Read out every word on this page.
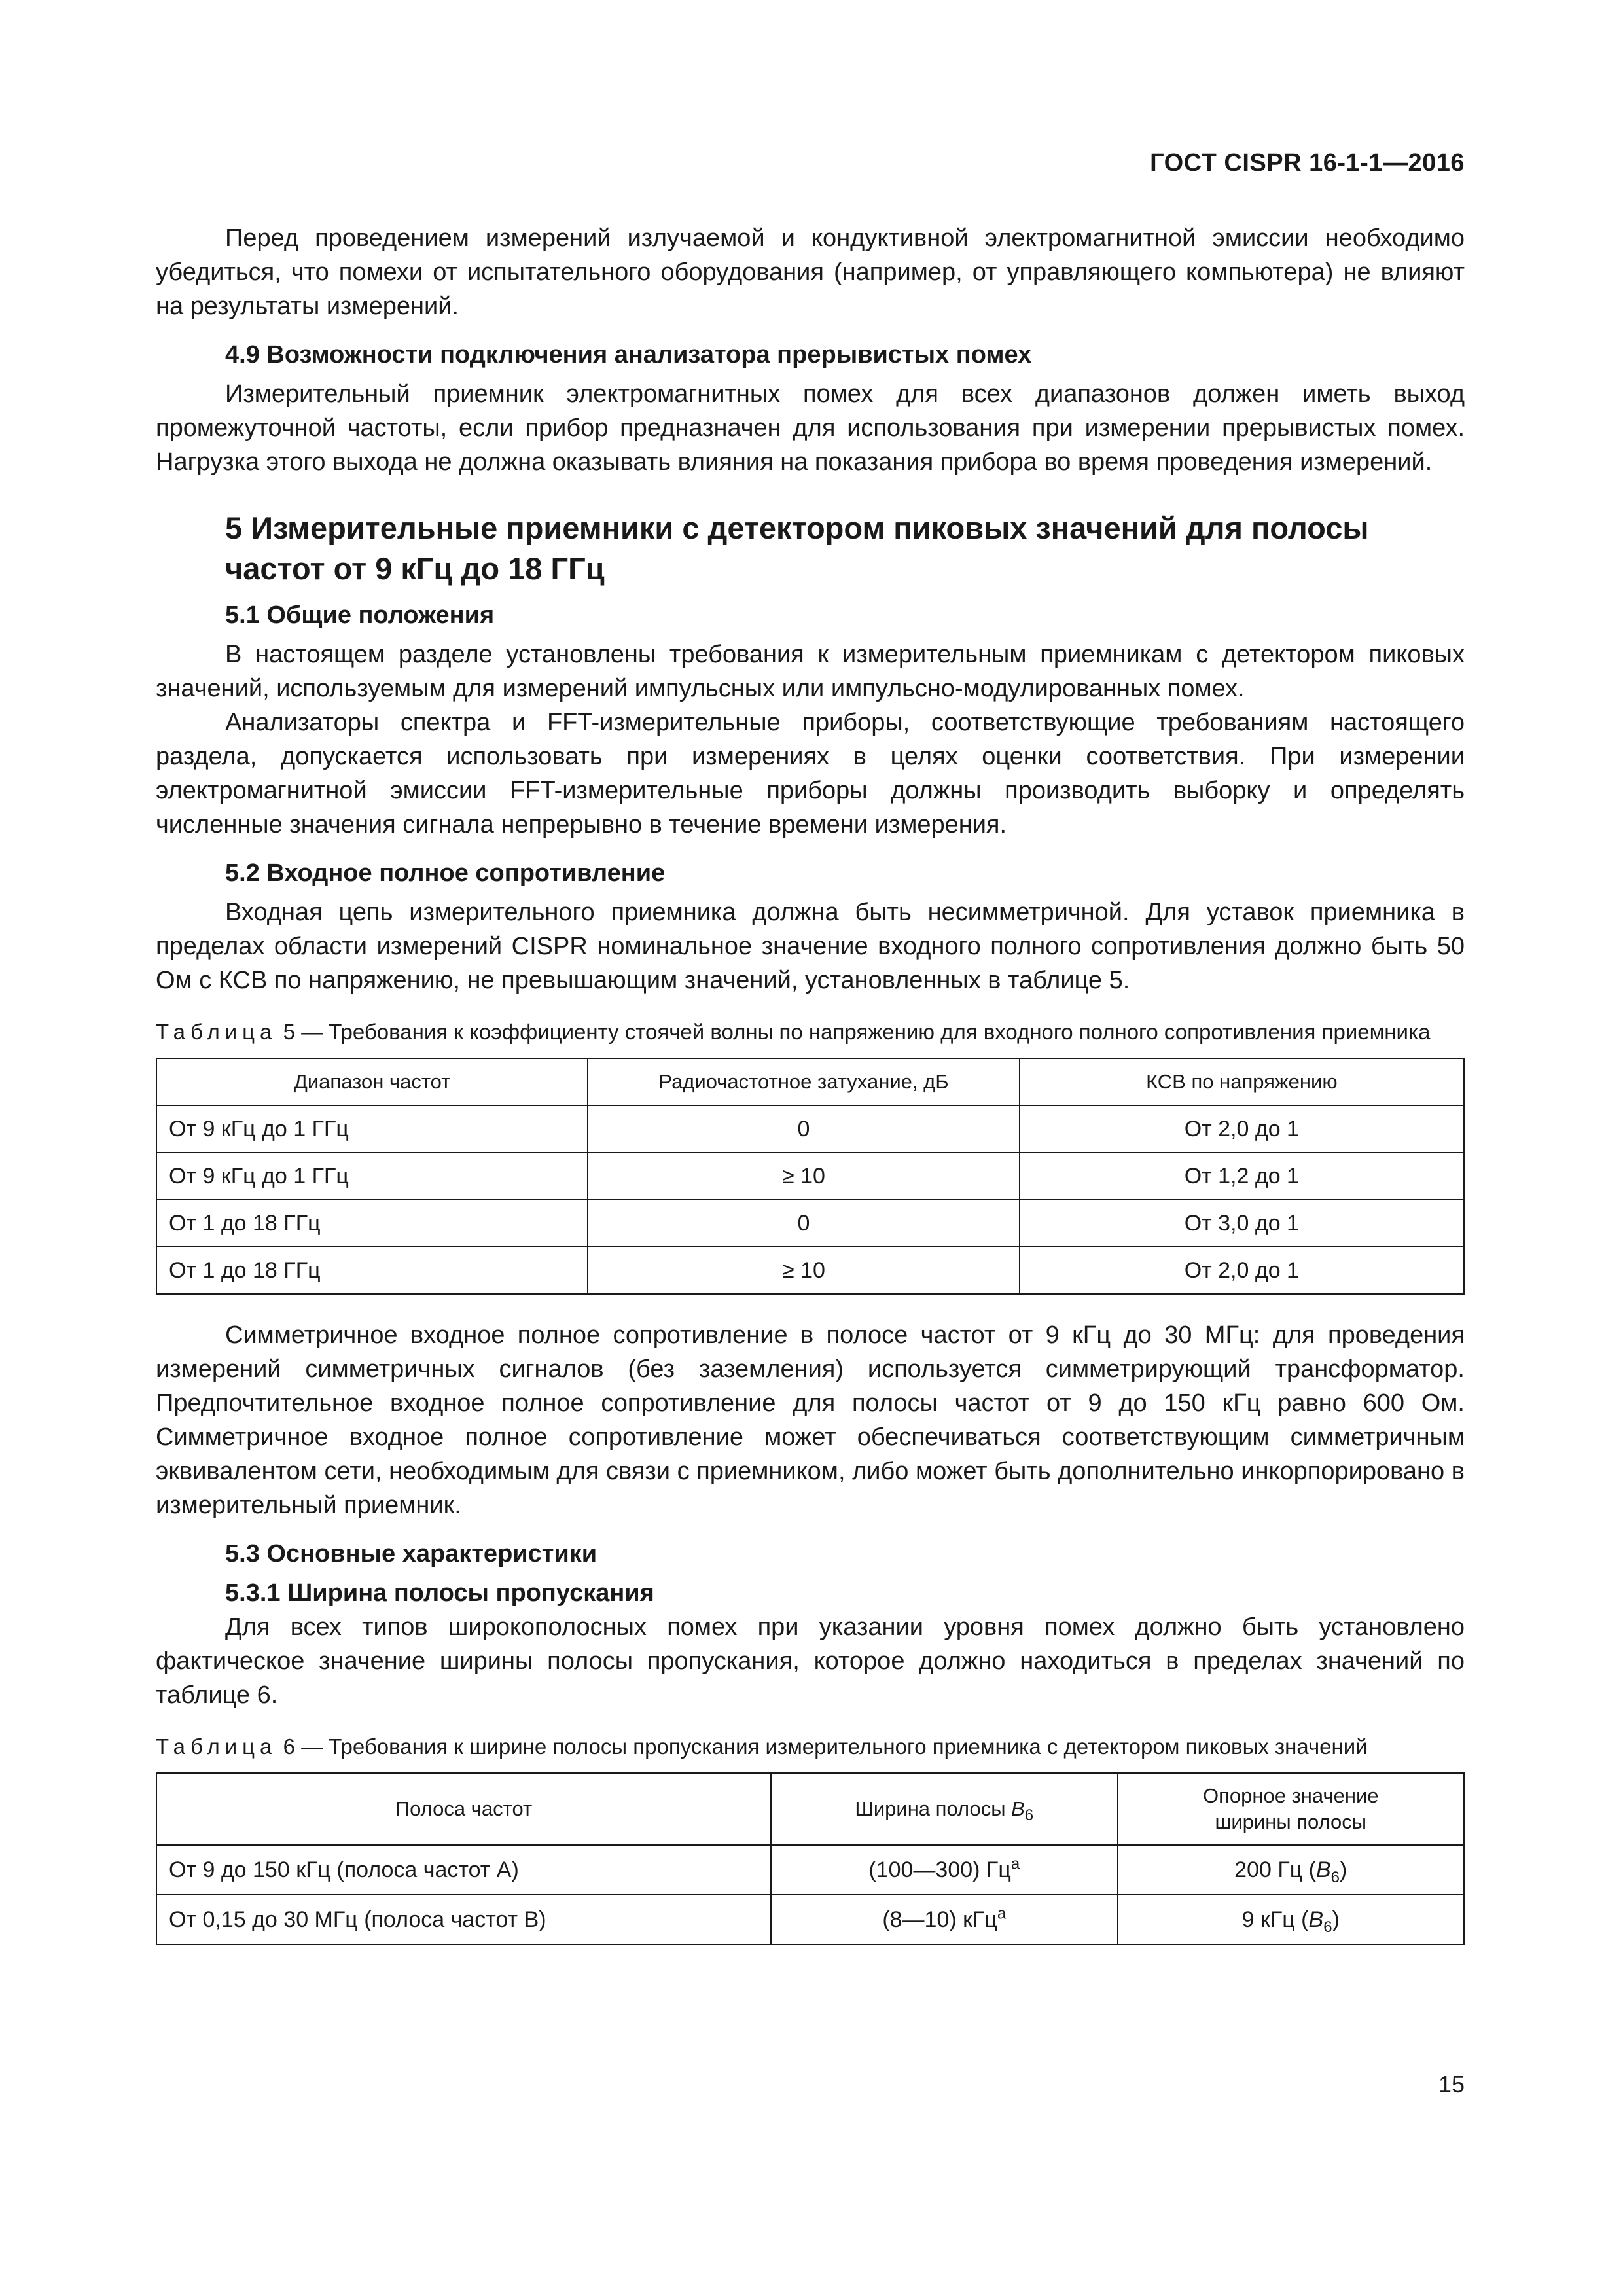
ГОСТ CISPR 16-1-1—2016

Перед проведением измерений излучаемой и кондуктивной электромагнитной эмиссии необходимо убедиться, что помехи от испытательного оборудования (например, от управляющего компьютера) не влияют на результаты измерений.

4.9 Возможности подключения анализатора прерывистых помех

Измерительный приемник электромагнитных помех для всех диапазонов должен иметь выход промежуточной частоты, если прибор предназначен для использования при измерении прерывистых помех. Нагрузка этого выхода не должна оказывать влияния на показания прибора во время проведения измерений.

5 Измерительные приемники с детектором пиковых значений для полосы частот от 9 кГц до 18 ГГц
5.1 Общие положения

В настоящем разделе установлены требования к измерительным приемникам с детектором пиковых значений, используемым для измерений импульсных или импульсно-модулированных помех.

Анализаторы спектра и FFT-измерительные приборы, соответствующие требованиям настоящего раздела, допускается использовать при измерениях в целях оценки соответствия. При измерении электромагнитной эмиссии FFT-измерительные приборы должны производить выборку и определять численные значения сигнала непрерывно в течение времени измерения.

5.2 Входное полное сопротивление

Входная цепь измерительного приемника должна быть несимметричной. Для уставок приемника в пределах области измерений CISPR номинальное значение входного полного сопротивления должно быть 50 Ом с КСВ по напряжению, не превышающим значений, установленных в таблице 5.

Таблица 5 — Требования к коэффициенту стоячей волны по напряжению для входного полного сопротивления приемника
Диапазон частот	Радиочастотное затухание, дБ	КСВ по напряжению
От 9 кГц до 1 ГГц	0	От 2,0 до 1
От 9 кГц до 1 ГГц	≥ 10	От 1,2 до 1
От 1 до 18 ГГц	0	От 3,0 до 1
От 1 до 18 ГГц	≥ 10	От 2,0 до 1

Симметричное входное полное сопротивление в полосе частот от 9 кГц до 30 МГц: для проведения измерений симметричных сигналов (без заземления) используется симметрирующий трансформатор. Предпочтительное входное полное сопротивление для полосы частот от 9 до 150 кГц равно 600 Ом. Симметричное входное полное сопротивление может обеспечиваться соответствующим симметричным эквивалентом сети, необходимым для связи с приемником, либо может быть дополнительно инкорпорировано в измерительный приемник.

5.3 Основные характеристики
5.3.1 Ширина полосы пропускания

Для всех типов широкополосных помех при указании уровня помех должно быть установлено фактическое значение ширины полосы пропускания, которое должно находиться в пределах значений по таблице 6.

Таблица 6 — Требования к ширине полосы пропускания измерительного приемника с детектором пиковых значений
Полоса частот	Ширина полосы $B_6$	Опорное значение
ширины полосы
От 9 до 150 кГц (полоса частот A)	(100—300) $Гц^a$	200 Гц $(B_6)$
От 0,15 до 30 МГц (полоса частот B)	(8—10) кГц$^a$	9 кГц $(B_6)$
15
